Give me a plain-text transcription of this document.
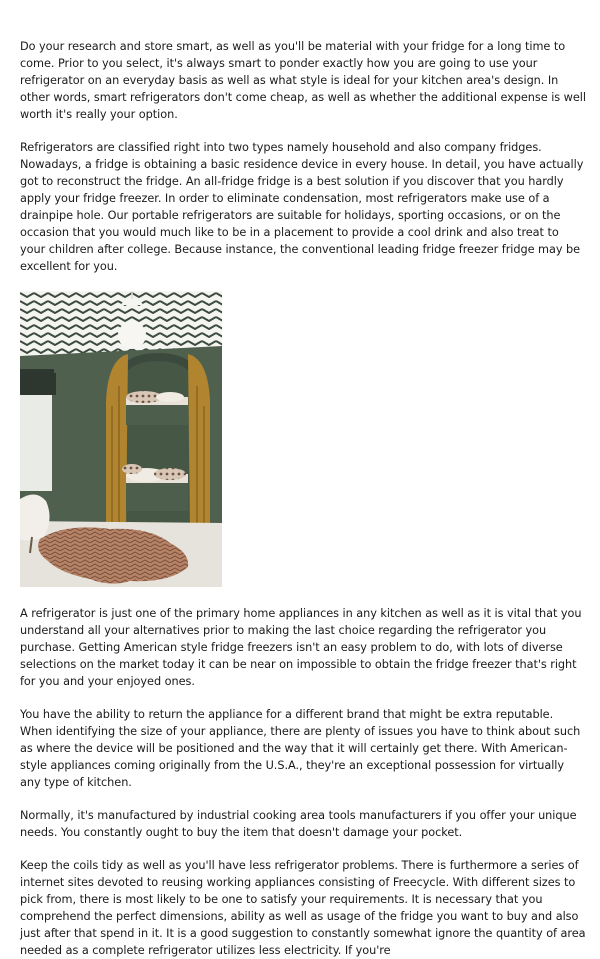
Do your research and store smart, as well as you'll be material with your fridge for a long time to come. Prior to you select, it's always smart to ponder exactly how you are going to use your refrigerator on an everyday basis as well as what style is ideal for your kitchen area's design. In other words, smart refrigerators don't come cheap, as well as whether the additional expense is well worth it's really your option.

Refrigerators are classified right into two types namely household and also company fridges. Nowadays, a fridge is obtaining a basic residence device in every house. In detail, you have actually got to reconstruct the fridge. An all-fridge fridge is a best solution if you discover that you hardly apply your fridge freezer. In order to eliminate condensation, most refrigerators make use of a drainpipe hole. Our portable refrigerators are suitable for holidays, sporting occasions, or on the occasion that you would much like to be in a placement to provide a cool drink and also treat to your children after college. Because instance, the conventional leading fridge freezer fridge may be excellent for you.

A refrigerator is just one of the primary home appliances in any kitchen as well as it is vital that you understand all your alternatives prior to making the last choice regarding the refrigerator you purchase. Getting American style fridge freezers isn't an easy problem to do, with lots of diverse selections on the market today it can be near on impossible to obtain the fridge freezer that's right for you and your enjoyed ones.

You have the ability to return the appliance for a different brand that might be extra reputable. When identifying the size of your appliance, there are plenty of issues you have to think about such as where the device will be positioned and the way that it will certainly get there. With American-style appliances coming originally from the U.S.A., they're an exceptional possession for virtually any type of kitchen.

Normally, it's manufactured by industrial cooking area tools manufacturers if you offer your unique needs. You constantly ought to buy the item that doesn't damage your pocket.

Keep the coils tidy as well as you'll have less refrigerator problems. There is furthermore a series of internet sites devoted to reusing working appliances consisting of Freecycle. With different sizes to pick from, there is most likely to be one to satisfy your requirements. It is necessary that you comprehend the perfect dimensions, ability as well as usage of the fridge you want to buy and also just after that spend in it. It is a good suggestion to constantly somewhat ignore the quantity of area needed as a complete refrigerator utilizes less electricity. If you're
